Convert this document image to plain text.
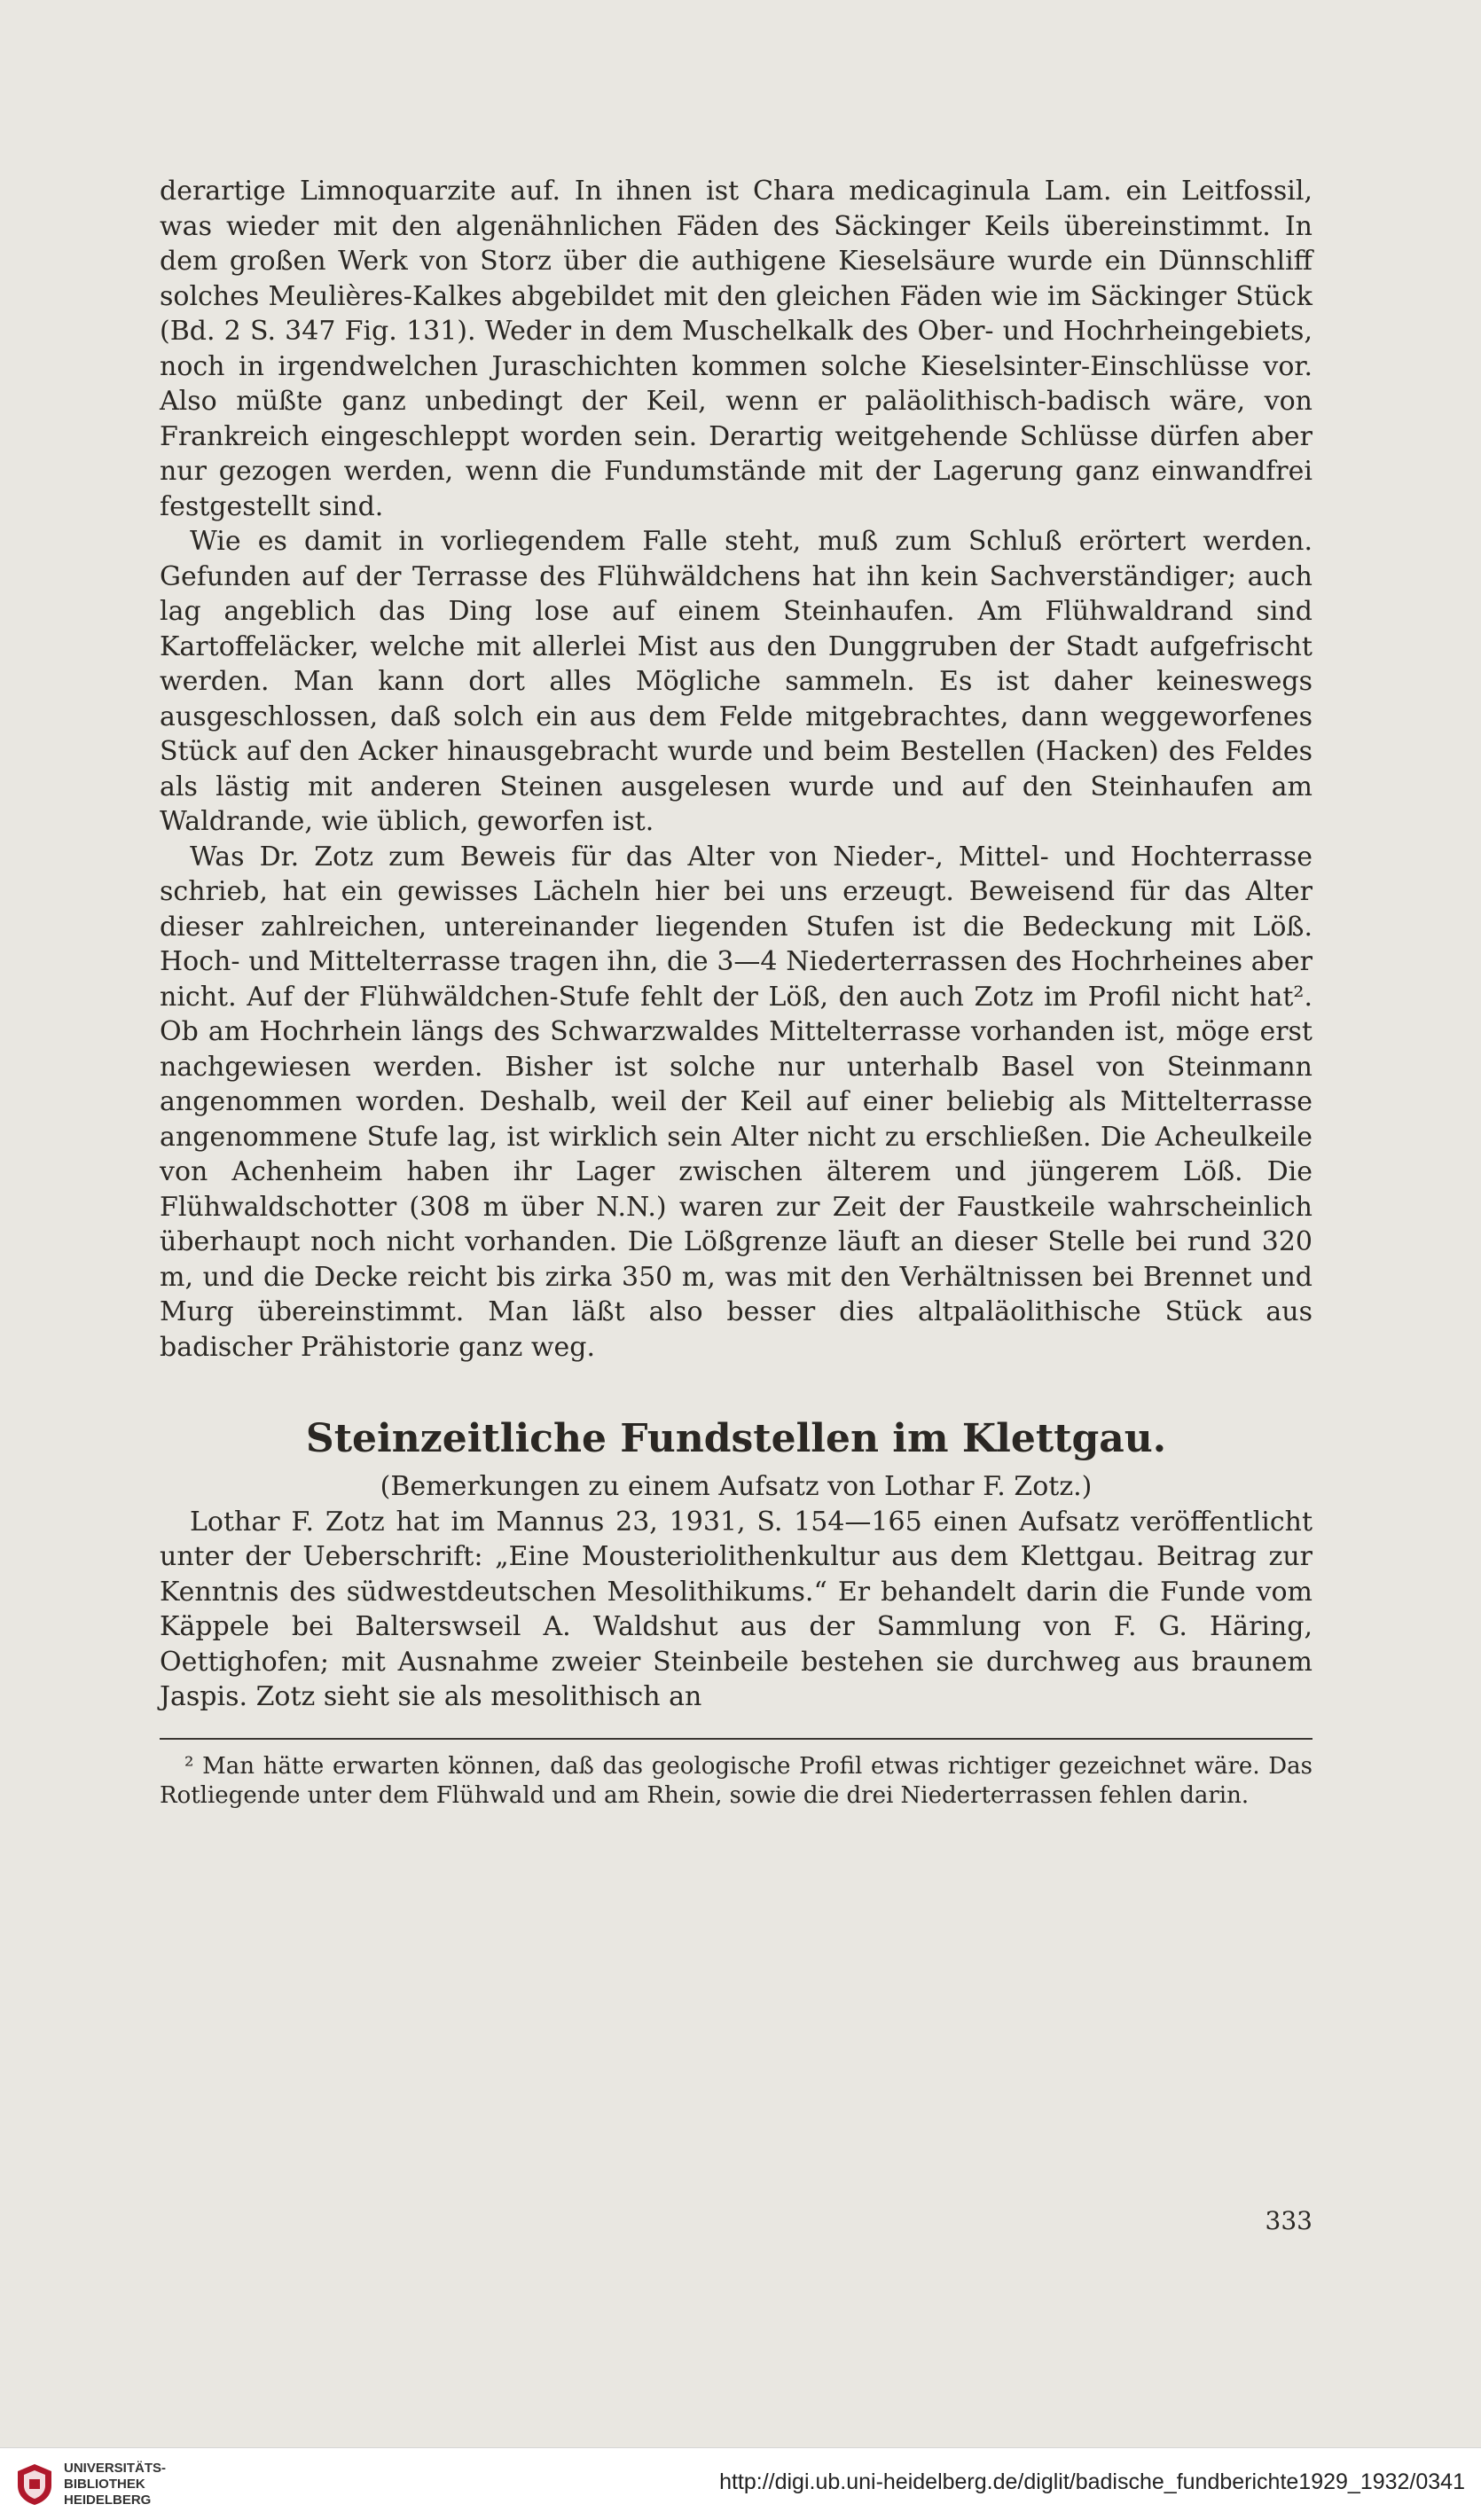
derartige Limnoquarzite auf. In ihnen ist Chara medicaginula Lam. ein Leitfossil, was wieder mit den algenähnlichen Fäden des Säckinger Keils übereinstimmt. In dem großen Werk von Storz über die authigene Kieselsäure wurde ein Dünnschliff solches Meulières-Kalkes abgebildet mit den gleichen Fäden wie im Säckinger Stück (Bd. 2 S. 347 Fig. 131). Weder in dem Muschelkalk des Ober- und Hochrheingebiets, noch in irgendwelchen Juraschichten kommen solche Kieselsinter-Einschlüsse vor. Also müßte ganz unbedingt der Keil, wenn er paläolithisch-badisch wäre, von Frankreich eingeschleppt worden sein. Derartig weitgehende Schlüsse dürfen aber nur gezogen werden, wenn die Fundumstände mit der Lagerung ganz einwandfrei festgestellt sind.

Wie es damit in vorliegendem Falle steht, muß zum Schluß erörtert werden. Gefunden auf der Terrasse des Flühwäldchens hat ihn kein Sachverständiger; auch lag angeblich das Ding lose auf einem Steinhaufen. Am Flühwaldrand sind Kartoffeläcker, welche mit allerlei Mist aus den Dunggruben der Stadt aufgefrischt werden. Man kann dort alles Mögliche sammeln. Es ist daher keineswegs ausgeschlossen, daß solch ein aus dem Felde mitgebrachtes, dann weggeworfenes Stück auf den Acker hinausgebracht wurde und beim Bestellen (Hacken) des Feldes als lästig mit anderen Steinen ausgelesen wurde und auf den Steinhaufen am Waldrande, wie üblich, geworfen ist.

Was Dr. Zotz zum Beweis für das Alter von Nieder-, Mittel- und Hochterrasse schrieb, hat ein gewisses Lächeln hier bei uns erzeugt. Beweisend für das Alter dieser zahlreichen, untereinander liegenden Stufen ist die Bedeckung mit Löß. Hoch- und Mittelterrasse tragen ihn, die 3—4 Niederterrassen des Hochrheines aber nicht. Auf der Flühwäldchen-Stufe fehlt der Löß, den auch Zotz im Profil nicht hat². Ob am Hochrhein längs des Schwarzwaldes Mittelterrasse vorhanden ist, möge erst nachgewiesen werden. Bisher ist solche nur unterhalb Basel von Steinmann angenommen worden. Deshalb, weil der Keil auf einer beliebig als Mittelterrasse angenommene Stufe lag, ist wirklich sein Alter nicht zu erschließen. Die Acheulkeile von Achenheim haben ihr Lager zwischen älterem und jüngerem Löß. Die Flühwaldschotter (308 m über N.N.) waren zur Zeit der Faustkeile wahrscheinlich überhaupt noch nicht vorhanden. Die Lößgrenze läuft an dieser Stelle bei rund 320 m, und die Decke reicht bis zirka 350 m, was mit den Verhältnissen bei Brennet und Murg übereinstimmt. Man läßt also besser dies altpaläolithische Stück aus badischer Prähistorie ganz weg.

Steinzeitliche Fundstellen im Klettgau.

(Bemerkungen zu einem Aufsatz von Lothar F. Zotz.)

Lothar F. Zotz hat im Mannus 23, 1931, S. 154—165 einen Aufsatz veröffentlicht unter der Ueberschrift: „Eine Mousteriolithenkultur aus dem Klettgau. Beitrag zur Kenntnis des südwestdeutschen Mesolithikums.“ Er behandelt darin die Funde vom Käppele bei Balterswseil A. Waldshut aus der Sammlung von F. G. Häring, Oettighofen; mit Ausnahme zweier Steinbeile bestehen sie durchweg aus braunem Jaspis. Zotz sieht sie als mesolithisch an

² Man hätte erwarten können, daß das geologische Profil etwas richtiger gezeichnet wäre. Das Rotliegende unter dem Flühwald und am Rhein, sowie die drei Niederterrassen fehlen darin.

333
UNIVERSITÄTS-
BIBLIOTHEK
HEIDELBERG
http://digi.ub.uni-heidelberg.de/diglit/badische_fundberichte1929_1932/0341
